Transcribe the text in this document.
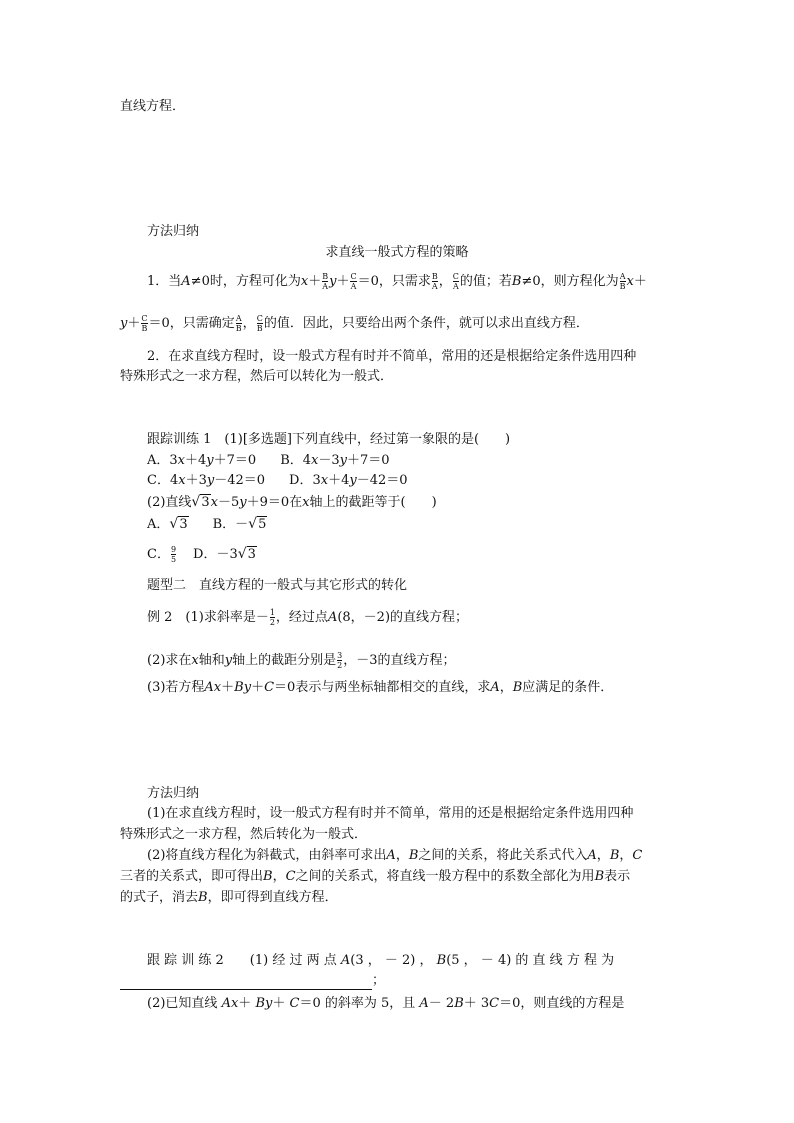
直线方程．
方法归纳
求直线一般式方程的策略
1．当A≠0时，方程可化为$x+ \frac{B}{A} y+ \frac{C}{A} =0$，只需求 $\frac{B}{A}$ ， $\frac{C}{A}$ 的值；若B≠0，则方程化为 $\frac{A}{B} x+$
$y+ \frac{C}{B} =0$，只需确定 $\frac{A}{B}$ ， $\frac{C}{B}$ 的值．因此，只要给出两个条件，就可以求出直线方程．
2．在求直线方程时，设一般式方程有时并不简单，常用的还是根据给定条件选用四种
特殊形式之一求方程，然后可以转化为一般式．
跟踪训练 1　(1)[多选题]下列直线中，经过第一象限的是(　　)
A．3x＋4y＋7＝0 B．4x－3y＋7＝0
C．4x＋3y－42＝0 D．3x＋4y－42＝0
(2)直线√3x－5y＋9＝0在x轴上的截距等于(　　)
A．√3 B．－√5
C． $\frac{9}{5}$ D．－3√3
题型二　直线方程的一般式与其它形式的转化
例 2　(1)求斜率是－ $\frac{1}{2}$ ，经过点A(8，－2)的直线方程；
(2)求在x轴和y轴上的截距分别是 $\frac{3}{2}$ ，－3的直线方程；
(3)若方程Ax＋By＋C＝0表示与两坐标轴都相交的直线，求A，B应满足的条件．
方法归纳
(1)在求直线方程时，设一般式方程有时并不简单，常用的还是根据给定条件选用四种
特殊形式之一求方程，然后转化为一般式．
(2)将直线方程化为斜截式，由斜率可求出A，B之间的关系，将此关系式代入A，B，C
三者的关系式，即可得出B，C之间的关系式，将直线一般方程中的系数全部化为用B表示
的式子，消去B，即可得到直线方程．
跟 踪 训 练 2　　(1) 经 过 两 点 A(3 ， － 2) ， B(5 ， － 4) 的 直 线 方 程 为
；
(2)已知直线 Ax＋ By＋ C＝0 的斜率为 5，且 A－ 2B＋ 3C＝0，则直线的方程是
